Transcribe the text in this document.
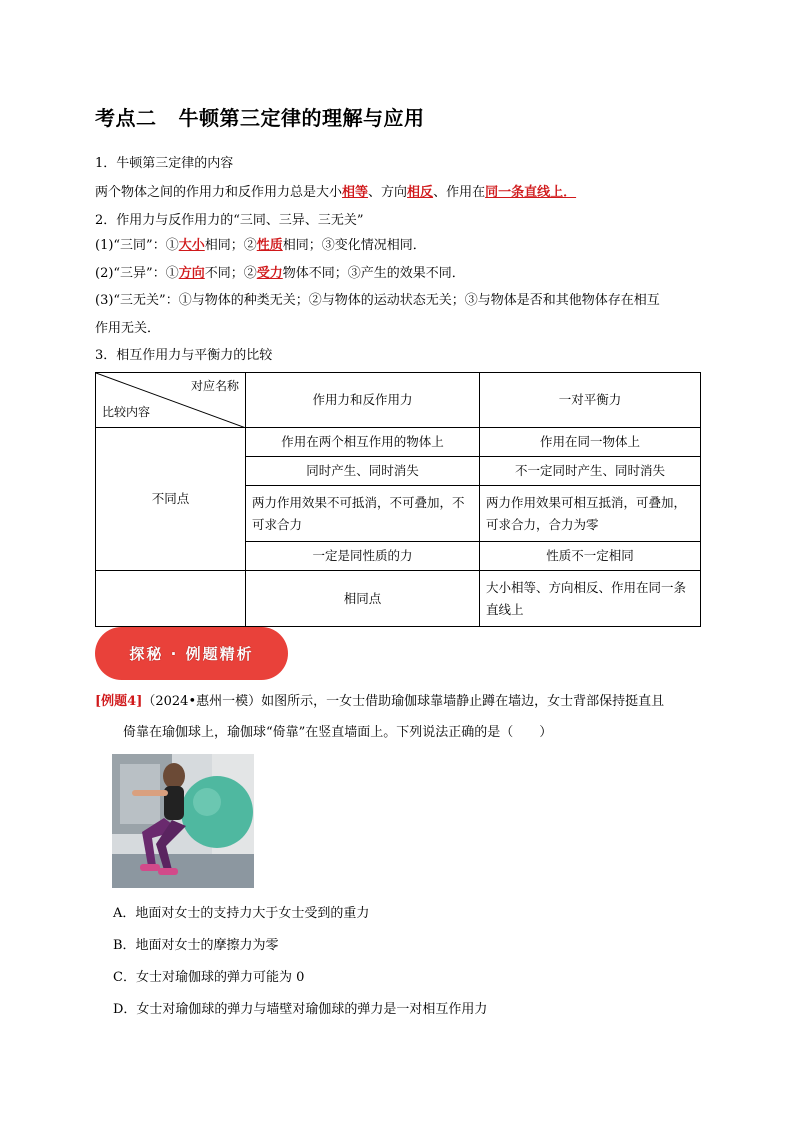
考点二 牛顿第三定律的理解与应用
1．牛顿第三定律的内容
两个物体之间的作用力和反作用力总是大小相等、方向相反、作用在同一条直线上．
2．作用力与反作用力的“三同、三异、三无关”
(1)“三同”：①大小相同；②性质相同；③变化情况相同．
(2)“三异”：①方向不同；②受力物体不同；③产生的效果不同．
(3)“三无关”：①与物体的种类无关；②与物体的运动状态无关；③与物体是否和其他物体存在相互
作用无关．
3．相互作用力与平衡力的比较
对应名称
比较内容	作用力和反作用力	一对平衡力
不同点	作用在两个相互作用的物体上	作用在同一物体上
	同时产生、同时消失	不一定同时产生、同时消失
	两力作用效果不可抵消，不可叠加，不可求合力	两力作用效果可相互抵消，可叠加，可求合力，合力为零
	一定是同性质的力	性质不一定相同
	相同点	大小相等、方向相反、作用在同一条直线上
探秘 · 例题精析
[例题4]（2024•惠州一模）如图所示，一女士借助瑜伽球靠墙静止蹲在墙边，女士背部保持挺直且
倚靠在瑜伽球上，瑜伽球“倚靠”在竖直墙面上。下列说法正确的是（　　）
A．地面对女士的支持力大于女士受到的重力
B．地面对女士的摩擦力为零
C．女士对瑜伽球的弹力可能为 0
D．女士对瑜伽球的弹力与墙壁对瑜伽球的弹力是一对相互作用力
